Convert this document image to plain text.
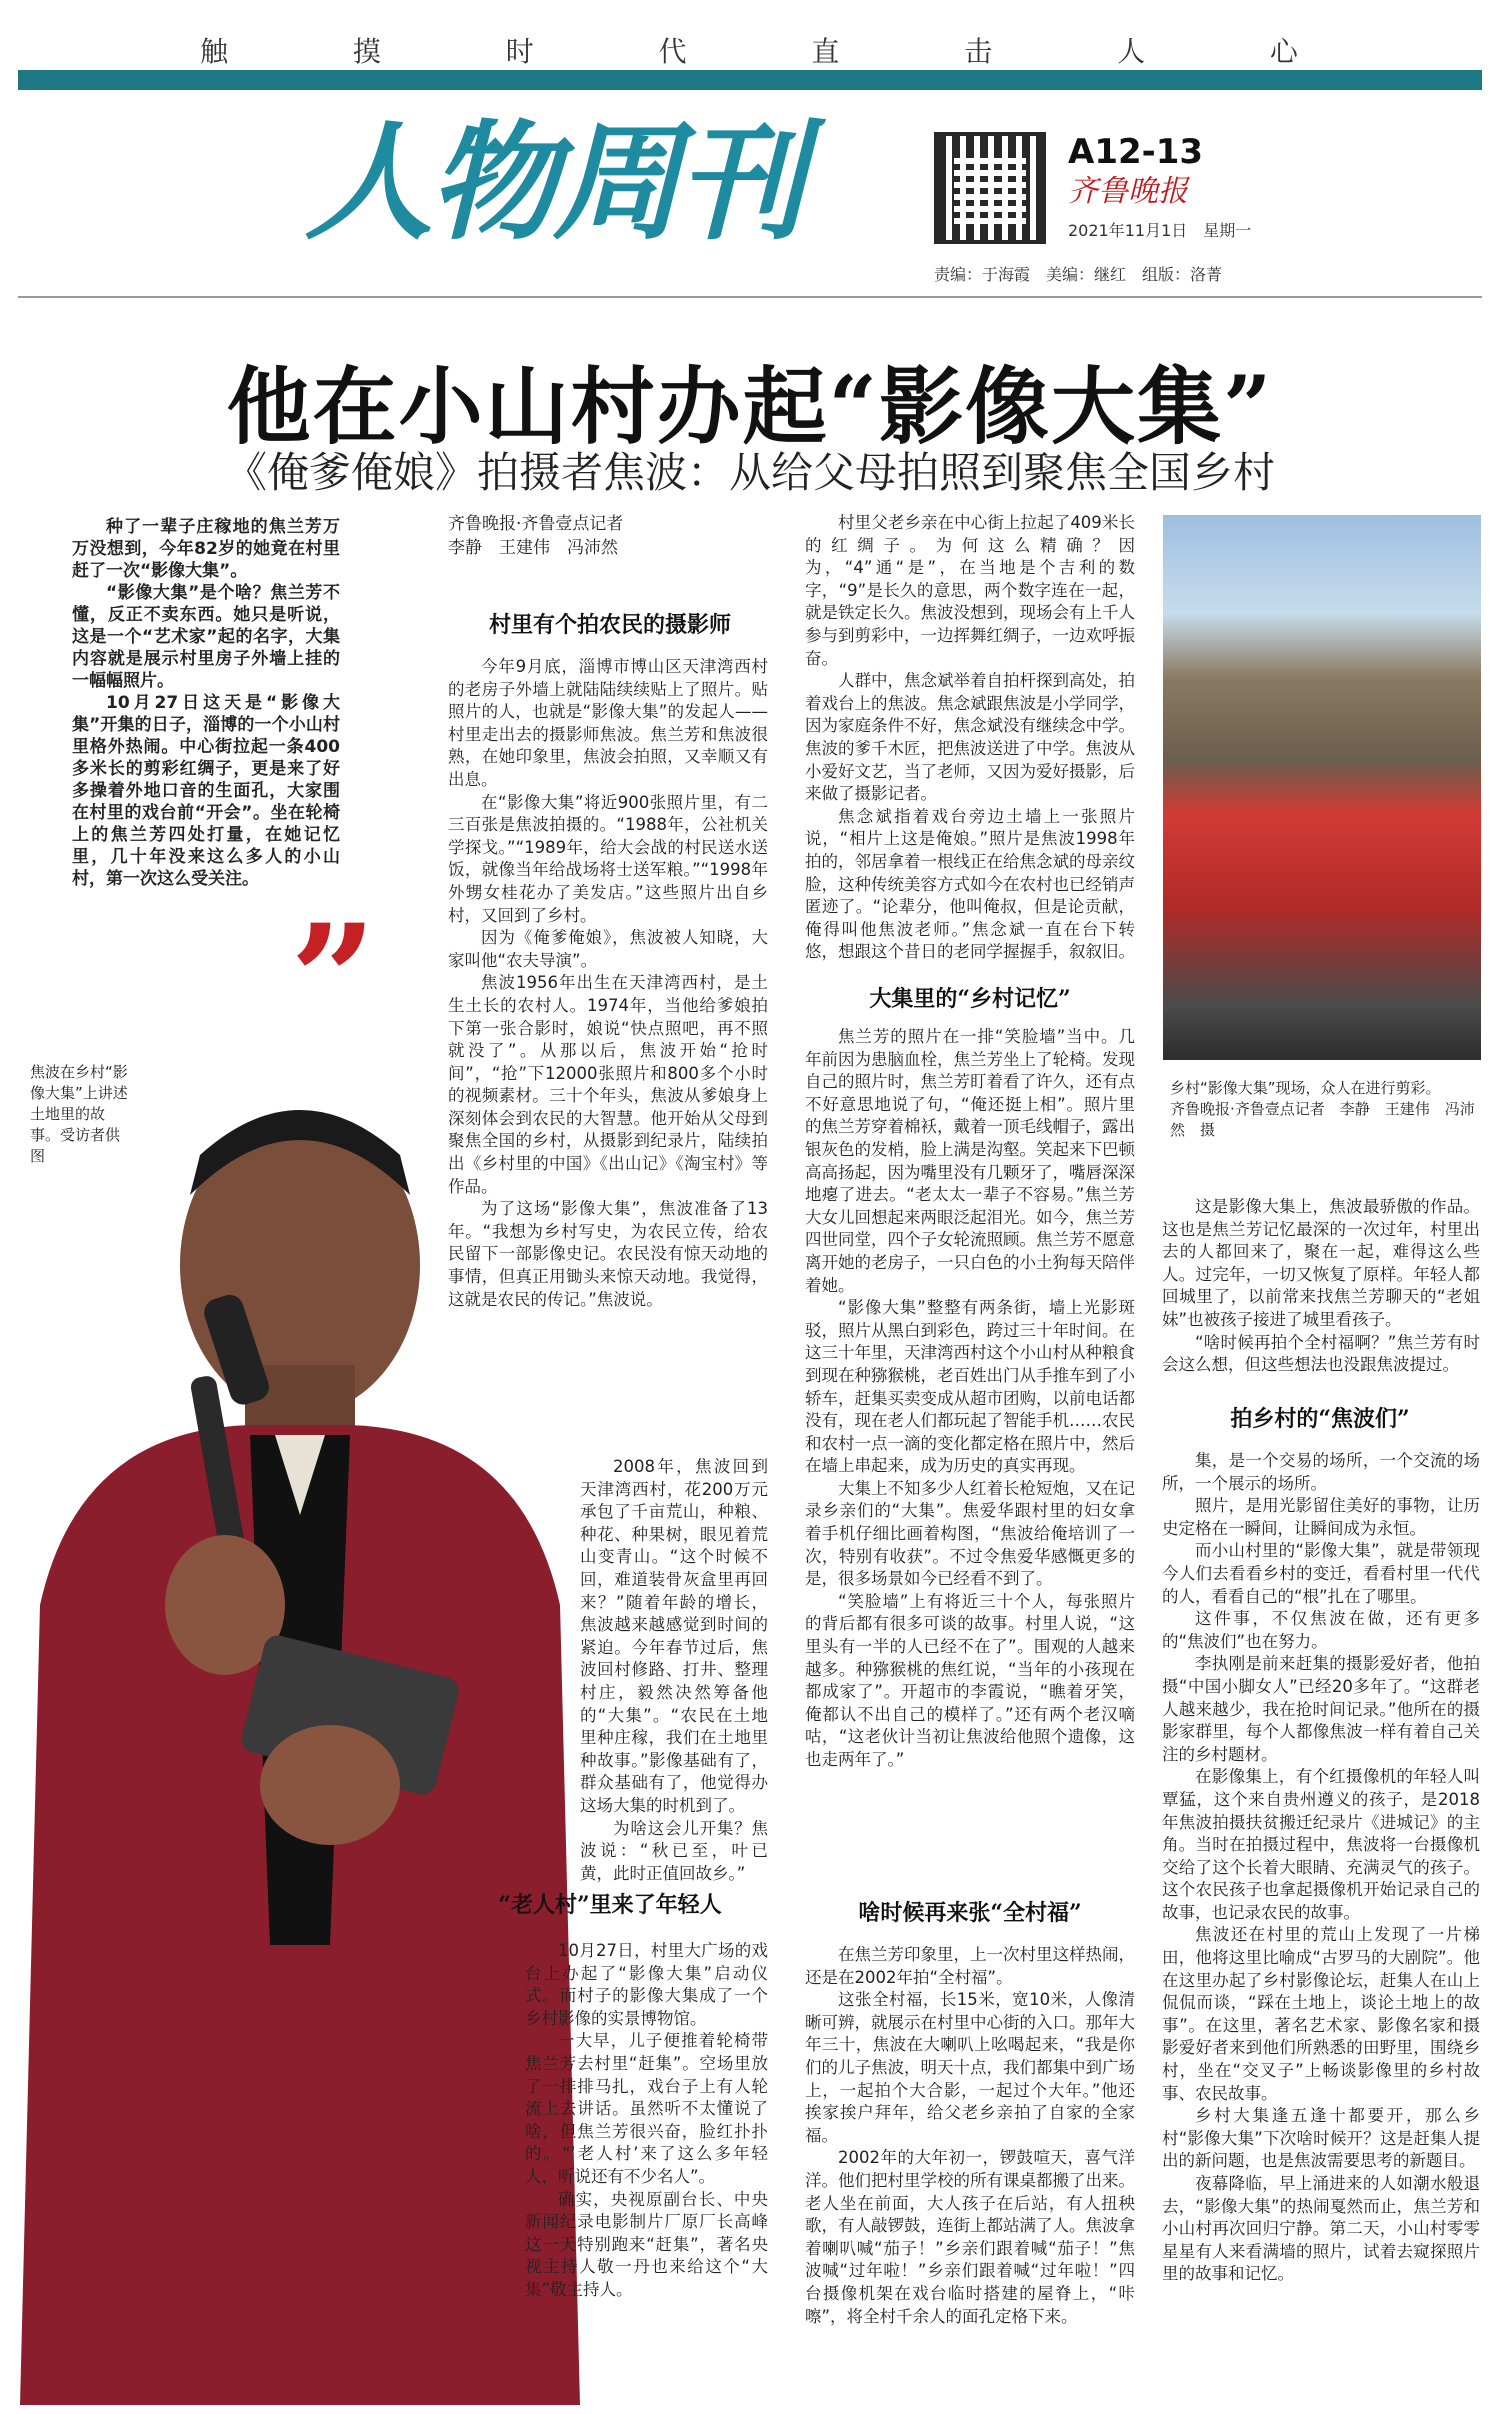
触	摸	时	代	直	击	人	心
人物周刊	A12-13
齐鲁晚报
2021年11月1日　星期一
责编：于海霞　美编：继红　组版：洛菁
他在小山村办起“影像大集”
《俺爹俺娘》拍摄者焦波：从给父母拍照到聚焦全国乡村

种了一辈子庄稼地的焦兰芳万万没想到，今年82岁的她竟在村里赶了一次“影像大集”。

“影像大集”是个啥？焦兰芳不懂，反正不卖东西。她只是听说，这是一个“艺术家”起的名字，大集内容就是展示村里房子外墙上挂的一幅幅照片。

10月27日这天是“影像大集”开集的日子，淄博的一个小山村里格外热闹。中心街拉起一条400多米长的剪彩红绸子，更是来了好多操着外地口音的生面孔，大家围在村里的戏台前“开会”。坐在轮椅上的焦兰芳四处打量，在她记忆里，几十年没来这么多人的小山村，第一次这么受关注。

”
焦波在乡村“影像大集”上讲述土地里的故事。受访者供图
齐鲁晚报·齐鲁壹点记者
李静　王建伟　冯沛然
村里有个拍农民的摄影师

今年9月底，淄博市博山区天津湾西村的老房子外墙上就陆陆续续贴上了照片。贴照片的人，也就是“影像大集”的发起人——村里走出去的摄影师焦波。焦兰芳和焦波很熟，在她印象里，焦波会拍照，又幸顺又有出息。

在“影像大集”将近900张照片里，有二三百张是焦波拍摄的。“1988年，公社机关学探戈。”“1989年，给大会战的村民送水送饭，就像当年给战场将士送军粮。”“1998年外甥女桂花办了美发店。”这些照片出自乡村，又回到了乡村。

因为《俺爹俺娘》，焦波被人知晓，大家叫他“农夫导演”。

焦波1956年出生在天津湾西村，是土生土长的农村人。1974年，当他给爹娘拍下第一张合影时，娘说“快点照吧，再不照就没了”。从那以后，焦波开始“抢时间”，“抢”下12000张照片和800多个小时的视频素材。三十个年头，焦波从爹娘身上深刻体会到农民的大智慧。他开始从父母到聚焦全国的乡村，从摄影到纪录片，陆续拍出《乡村里的中国》《出山记》《淘宝村》等作品。

为了这场“影像大集”，焦波准备了13年。“我想为乡村写史，为农民立传，给农民留下一部影像史记。农民没有惊天动地的事情，但真正用锄头来惊天动地。我觉得，这就是农民的传记。”焦波说。

2008年，焦波回到天津湾西村，花200万元承包了千亩荒山，种粮、种花、种果树，眼见着荒山变青山。“这个时候不回，难道装骨灰盒里再回来？”随着年龄的增长，焦波越来越感觉到时间的紧迫。今年春节过后，焦波回村修路、打井、整理村庄，毅然决然筹备他的“大集”。“农民在土地里种庄稼，我们在土地里种故事。”影像基础有了，群众基础有了，他觉得办这场大集的时机到了。

为啥这会儿开集？焦波说：“秋已至，叶已黄，此时正值回故乡。”

“老人村”里来了年轻人

10月27日，村里大广场的戏台上办起了“影像大集”启动仪式。而村子的影像大集成了一个乡村影像的实景博物馆。

一大早，儿子便推着轮椅带焦兰芳去村里“赶集”。空场里放了一排排马扎，戏台子上有人轮流上去讲话。虽然听不太懂说了啥，但焦兰芳很兴奋，脸红扑扑的。“‘老人村’来了这么多年轻人，听说还有不少名人”。

确实，央视原副台长、中央新闻纪录电影制片厂原厂长高峰这一天特别跑来“赶集”，著名央视主持人敬一丹也来给这个“大集”敬主持人。

村里父老乡亲在中心街上拉起了409米长的红绸子。为何这么精确？因为，“4”通“是”，在当地是个吉利的数字，“9”是长久的意思，两个数字连在一起，就是铁定长久。焦波没想到，现场会有上千人参与到剪彩中，一边挥舞红绸子，一边欢呼振奋。

人群中，焦念斌举着自拍杆探到高处，拍着戏台上的焦波。焦念斌跟焦波是小学同学，因为家庭条件不好，焦念斌没有继续念中学。焦波的爹千木匠，把焦波送进了中学。焦波从小爱好文艺，当了老师，又因为爱好摄影，后来做了摄影记者。

焦念斌指着戏台旁边土墙上一张照片说，“相片上这是俺娘。”照片是焦波1998年拍的，邻居拿着一根线正在给焦念斌的母亲纹脸，这种传统美容方式如今在农村也已经销声匿迹了。“论辈分，他叫俺叔，但是论贡献，俺得叫他焦波老师。”焦念斌一直在台下转悠，想跟这个昔日的老同学握握手，叙叙旧。

大集里的“乡村记忆”

焦兰芳的照片在一排“笑脸墙”当中。几年前因为患脑血栓，焦兰芳坐上了轮椅。发现自己的照片时，焦兰芳盯着看了许久，还有点不好意思地说了句，“俺还挺上相”。照片里的焦兰芳穿着棉袄，戴着一顶毛线帽子，露出银灰色的发梢，脸上满是沟壑。笑起来下巴顿高高扬起，因为嘴里没有几颗牙了，嘴唇深深地瘪了进去。“老太太一辈子不容易。”焦兰芳大女儿回想起来两眼泛起泪光。如今，焦兰芳四世同堂，四个子女轮流照顾。焦兰芳不愿意离开她的老房子，一只白色的小土狗每天陪伴着她。

“影像大集”整整有两条街，墙上光影斑驳，照片从黑白到彩色，跨过三十年时间。在这三十年里，天津湾西村这个小山村从种粮食到现在种猕猴桃，老百姓出门从手推车到了小轿车，赶集买卖变成从超市团购，以前电话都没有，现在老人们都玩起了智能手机……农民和农村一点一滴的变化都定格在照片中，然后在墙上串起来，成为历史的真实再现。

大集上不知多少人红着长枪短炮，又在记录乡亲们的“大集”。焦爱华跟村里的妇女拿着手机仔细比画着构图，“焦波给俺培训了一次，特别有收获”。不过令焦爱华感慨更多的是，很多场景如今已经看不到了。

“笑脸墙”上有将近三十个人，每张照片的背后都有很多可谈的故事。村里人说，“这里头有一半的人已经不在了”。围观的人越来越多。种猕猴桃的焦红说，“当年的小孩现在都成家了”。开超市的李霞说，“瞧着牙笑，俺都认不出自己的模样了。”还有两个老汉嘀咕，“这老伙计当初让焦波给他照个遗像，这也走两年了。”

啥时候再来张“全村福”

在焦兰芳印象里，上一次村里这样热闹，还是在2002年拍“全村福”。

这张全村福，长15米，宽10米，人像清晰可辨，就展示在村里中心街的入口。那年大年三十，焦波在大喇叭上吆喝起来，“我是你们的儿子焦波，明天十点，我们都集中到广场上，一起拍个大合影，一起过个大年。”他还挨家挨户拜年，给父老乡亲拍了自家的全家福。

2002年的大年初一，锣鼓喧天，喜气洋洋。他们把村里学校的所有课桌都搬了出来。老人坐在前面，大人孩子在后站，有人扭秧歌，有人敲锣鼓，连街上都站满了人。焦波拿着喇叭喊“茄子！”乡亲们跟着喊“茄子！”焦波喊“过年啦！”乡亲们跟着喊“过年啦！”四台摄像机架在戏台临时搭建的屋脊上，“咔嚓”，将全村千余人的面孔定格下来。

乡村“影像大集”现场，众人在进行剪彩。
齐鲁晚报·齐鲁壹点记者　李静　王建伟　冯沛然　摄

这是影像大集上，焦波最骄傲的作品。这也是焦兰芳记忆最深的一次过年，村里出去的人都回来了，聚在一起，难得这么些人。过完年，一切又恢复了原样。年轻人都回城里了，以前常来找焦兰芳聊天的“老姐妹”也被孩子接进了城里看孩子。

“啥时候再拍个全村福啊？”焦兰芳有时会这么想，但这些想法也没跟焦波提过。

拍乡村的“焦波们”

集，是一个交易的场所，一个交流的场所，一个展示的场所。

照片，是用光影留住美好的事物，让历史定格在一瞬间，让瞬间成为永恒。

而小山村里的“影像大集”，就是带领现今人们去看看乡村的变迁，看看村里一代代的人，看看自己的“根”扎在了哪里。

这件事，不仅焦波在做，还有更多的“焦波们”也在努力。

李执刚是前来赶集的摄影爱好者，他拍摄“中国小脚女人”已经20多年了。“这群老人越来越少，我在抢时间记录。”他所在的摄影家群里，每个人都像焦波一样有着自己关注的乡村题材。

在影像集上，有个红摄像机的年轻人叫覃猛，这个来自贵州遵义的孩子，是2018年焦波拍摄扶贫搬迁纪录片《进城记》的主角。当时在拍摄过程中，焦波将一台摄像机交给了这个长着大眼睛、充满灵气的孩子。这个农民孩子也拿起摄像机开始记录自己的故事，也记录农民的故事。

焦波还在村里的荒山上发现了一片梯田，他将这里比喻成“古罗马的大剧院”。他在这里办起了乡村影像论坛，赶集人在山上侃侃而谈，“踩在土地上，谈论土地上的故事”。在这里，著名艺术家、影像名家和摄影爱好者来到他们所熟悉的田野里，围绕乡村，坐在“交叉子”上畅谈影像里的乡村故事、农民故事。

乡村大集逢五逢十都要开，那么乡村“影像大集”下次啥时候开？这是赶集人提出的新问题，也是焦波需要思考的新题目。

夜幕降临，早上涌进来的人如潮水般退去，“影像大集”的热闹戛然而止，焦兰芳和小山村再次回归宁静。第二天，小山村零零星星有人来看满墙的照片，试着去窥探照片里的故事和记忆。
